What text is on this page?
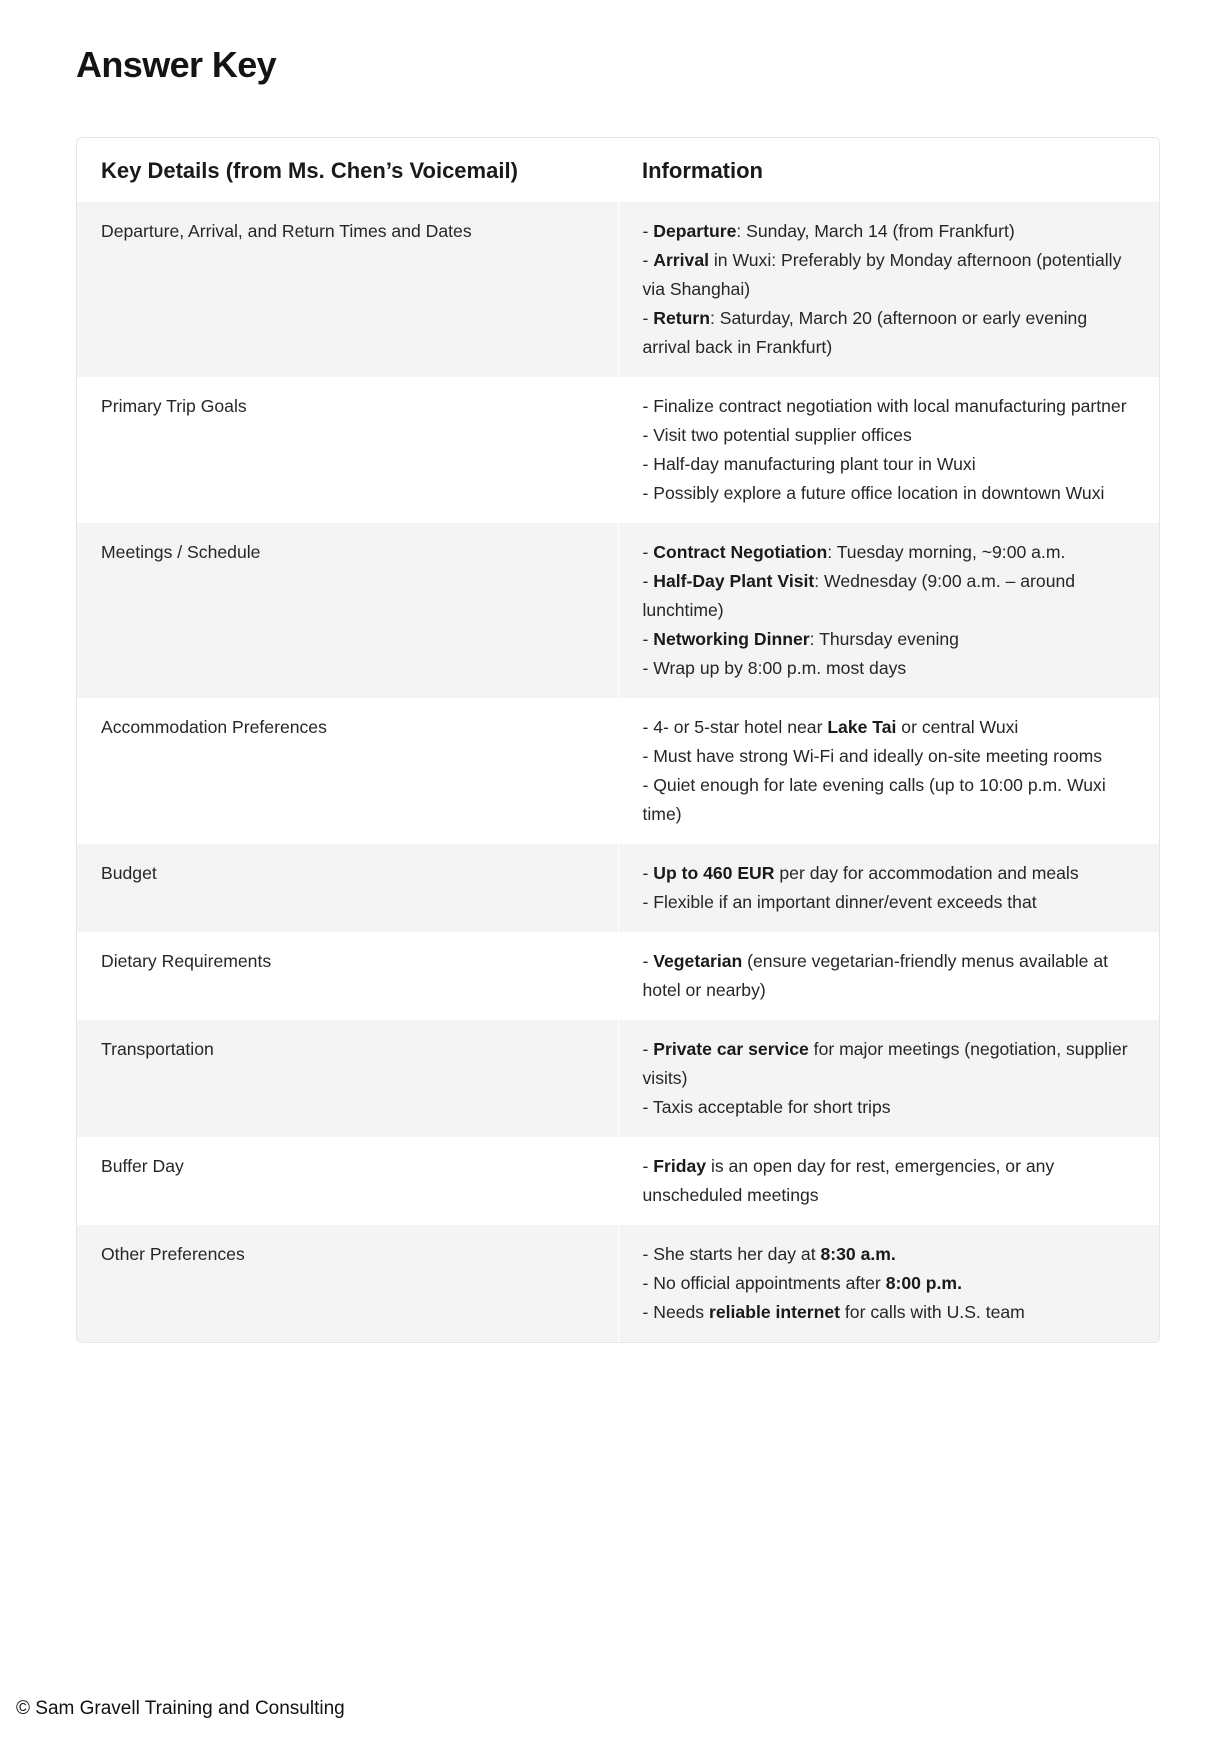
Answer Key
Key Details (from Ms. Chen’s Voicemail)	Information
Departure, Arrival, and Return Times and Dates	- Departure: Sunday, March 14 (from Frankfurt)
- Arrival in Wuxi: Preferably by Monday afternoon (potentially via Shanghai)
- Return: Saturday, March 20 (afternoon or early evening arrival back in Frankfurt)

Primary Trip Goals	- Finalize contract negotiation with local manufacturing partner
- Visit two potential supplier offices
- Half-day manufacturing plant tour in Wuxi
- Possibly explore a future office location in downtown Wuxi

Meetings / Schedule	- Contract Negotiation: Tuesday morning, ~9:00 a.m.
- Half-Day Plant Visit: Wednesday (9:00 a.m. – around lunchtime)
- Networking Dinner: Thursday evening
- Wrap up by 8:00 p.m. most days

Accommodation Preferences	- 4- or 5-star hotel near Lake Tai or central Wuxi
- Must have strong Wi-Fi and ideally on-site meeting rooms
- Quiet enough for late evening calls (up to 10:00 p.m. Wuxi time)

Budget	- Up to 460 EUR per day for accommodation and meals
- Flexible if an important dinner/event exceeds that

Dietary Requirements	- Vegetarian (ensure vegetarian-friendly menus available at hotel or nearby)

Transportation	- Private car service for major meetings (negotiation, supplier visits)
- Taxis acceptable for short trips

Buffer Day	- Friday is an open day for rest, emergencies, or any unscheduled meetings

Other Preferences	- She starts her day at 8:30 a.m.
- No official appointments after 8:00 p.m.
- Needs reliable internet for calls with U.S. team
© Sam Gravell Training and Consulting
